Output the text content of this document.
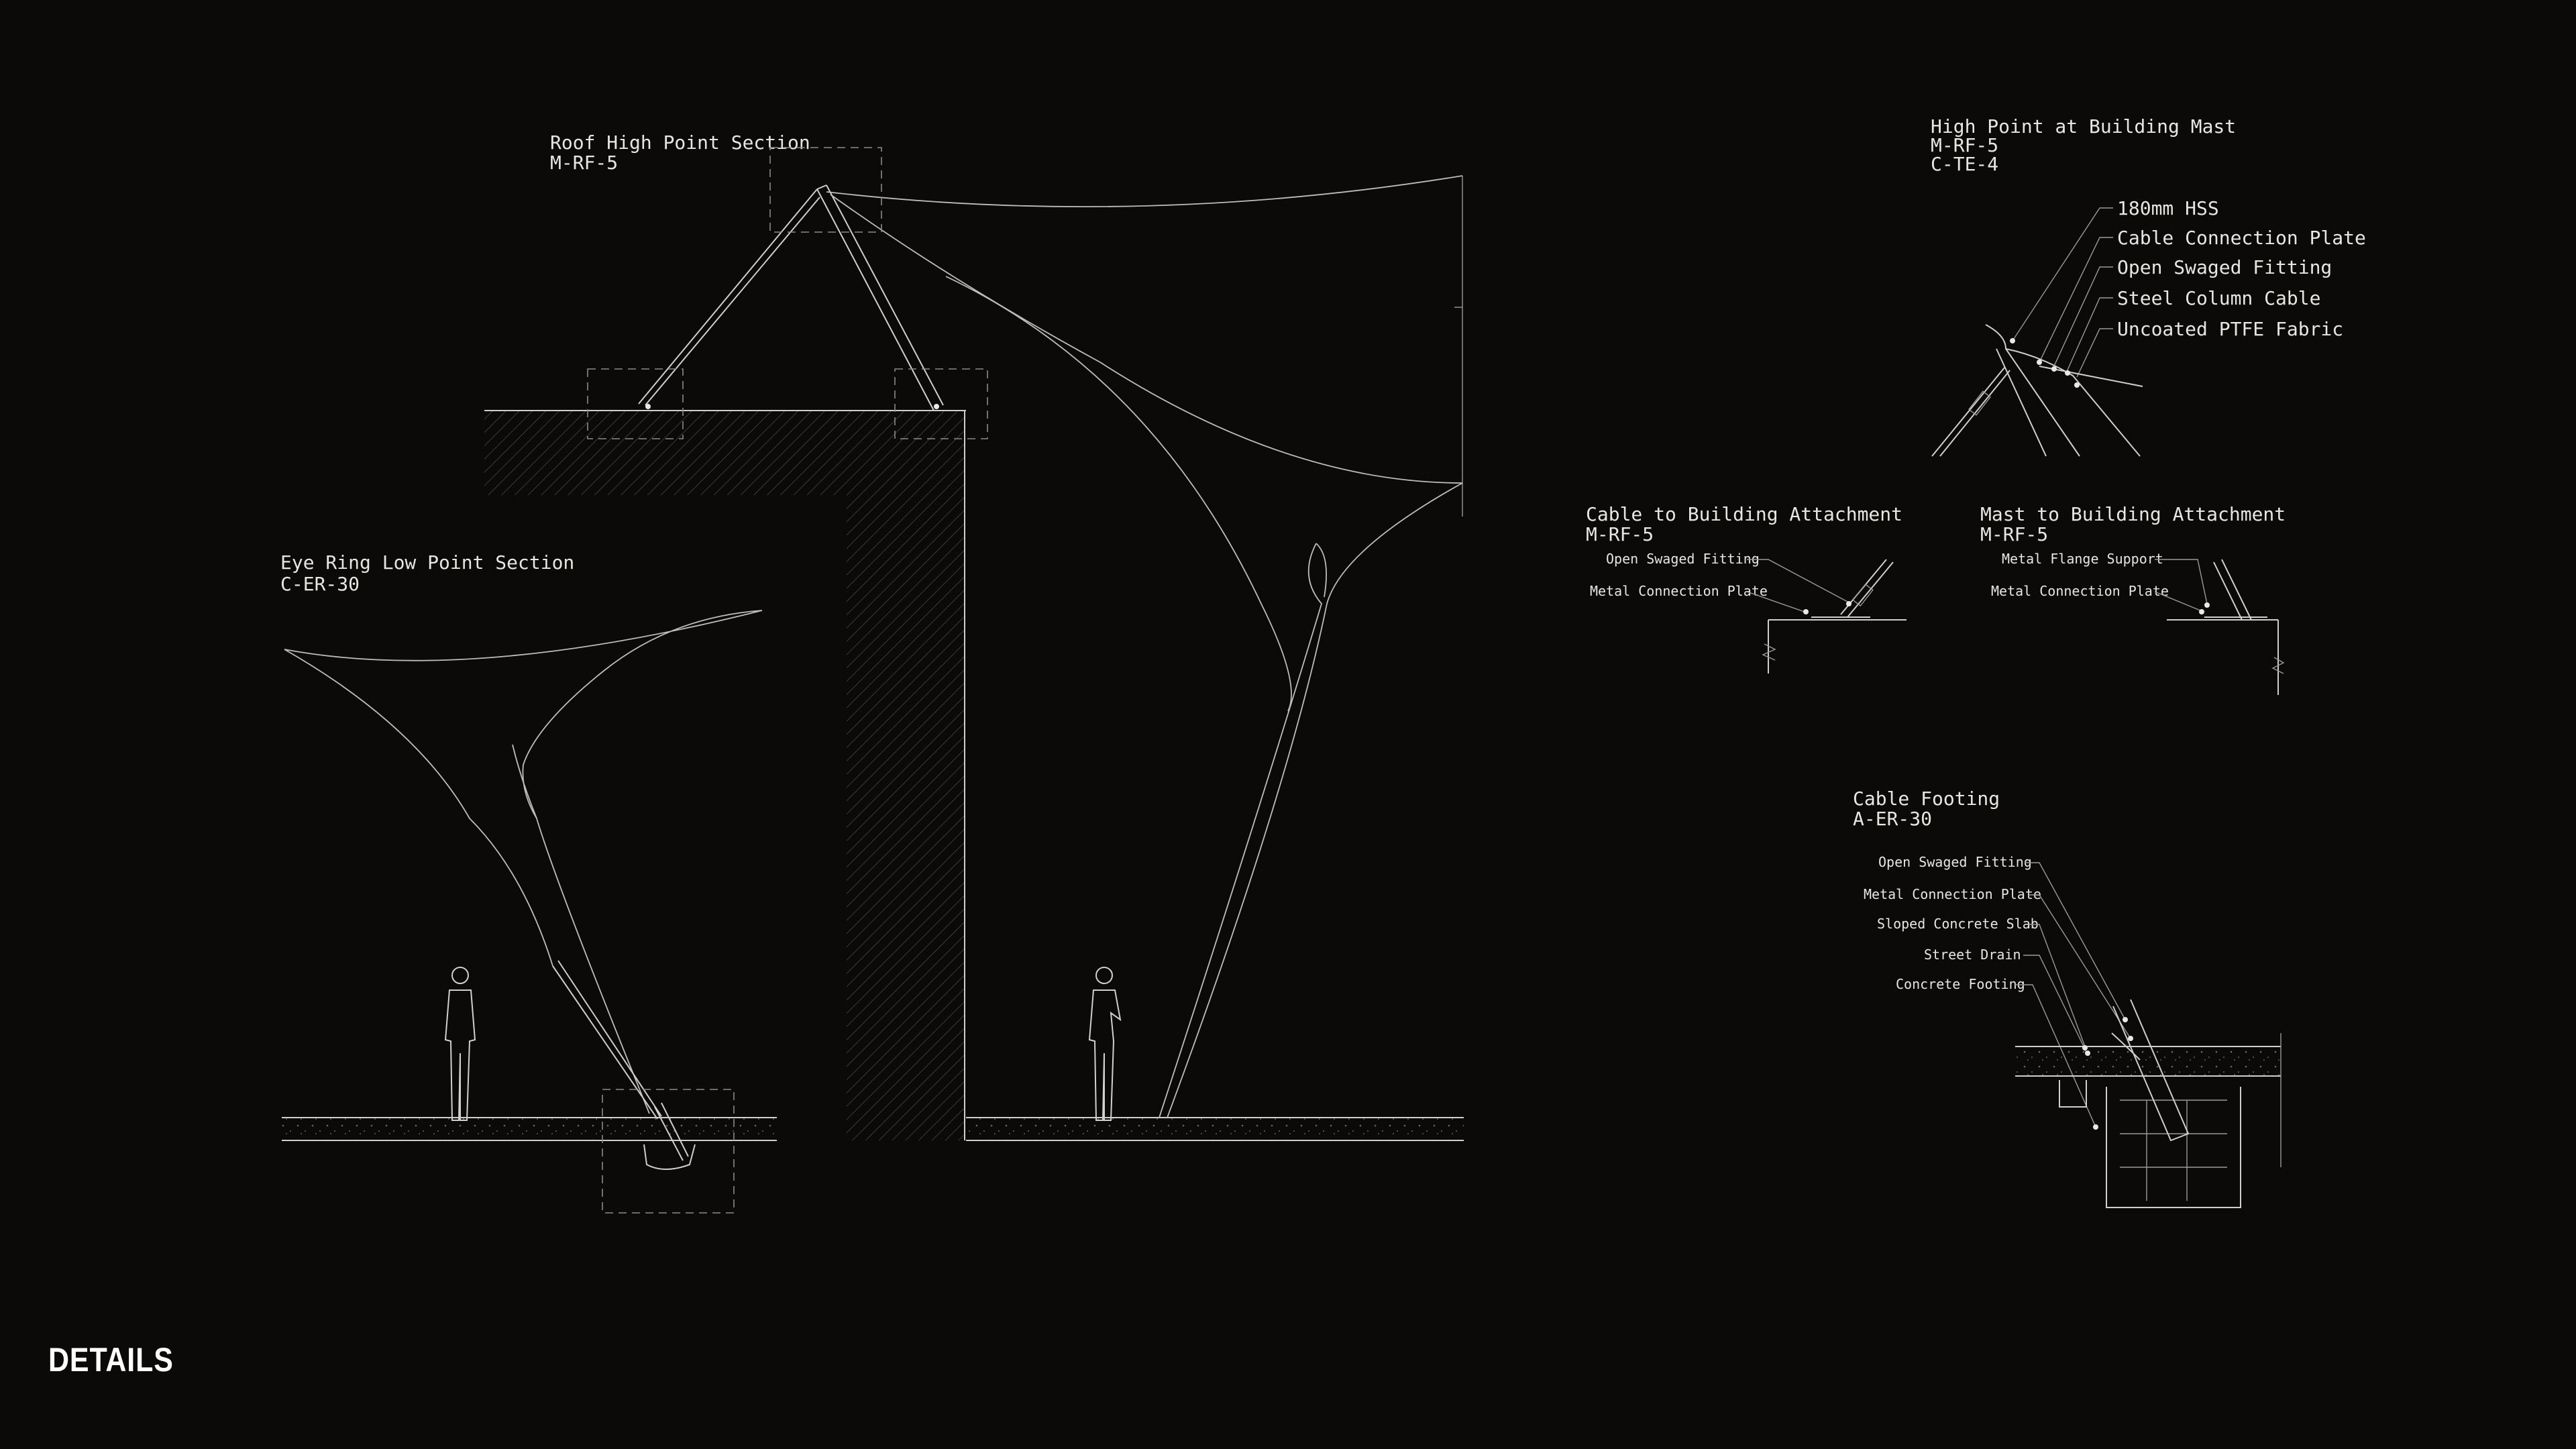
Roof High Point Section
M-RF-5
Eye Ring Low Point Section
C-ER-30
High Point at Building Mast
M-RF-5
C-TE-4
180mm HSS
Cable Connection Plate
Open Swaged Fitting
Steel Column Cable
Uncoated PTFE Fabric
Cable to Building Attachment
M-RF-5
Open Swaged Fitting
Metal Connection Plate
Mast to Building Attachment
M-RF-5
Metal Flange Support
Metal Connection Plate
Cable Footing
A-ER-30
Open Swaged Fitting
Metal Connection Plate
Sloped Concrete Slab
Street Drain
Concrete Footing
DETAILS
